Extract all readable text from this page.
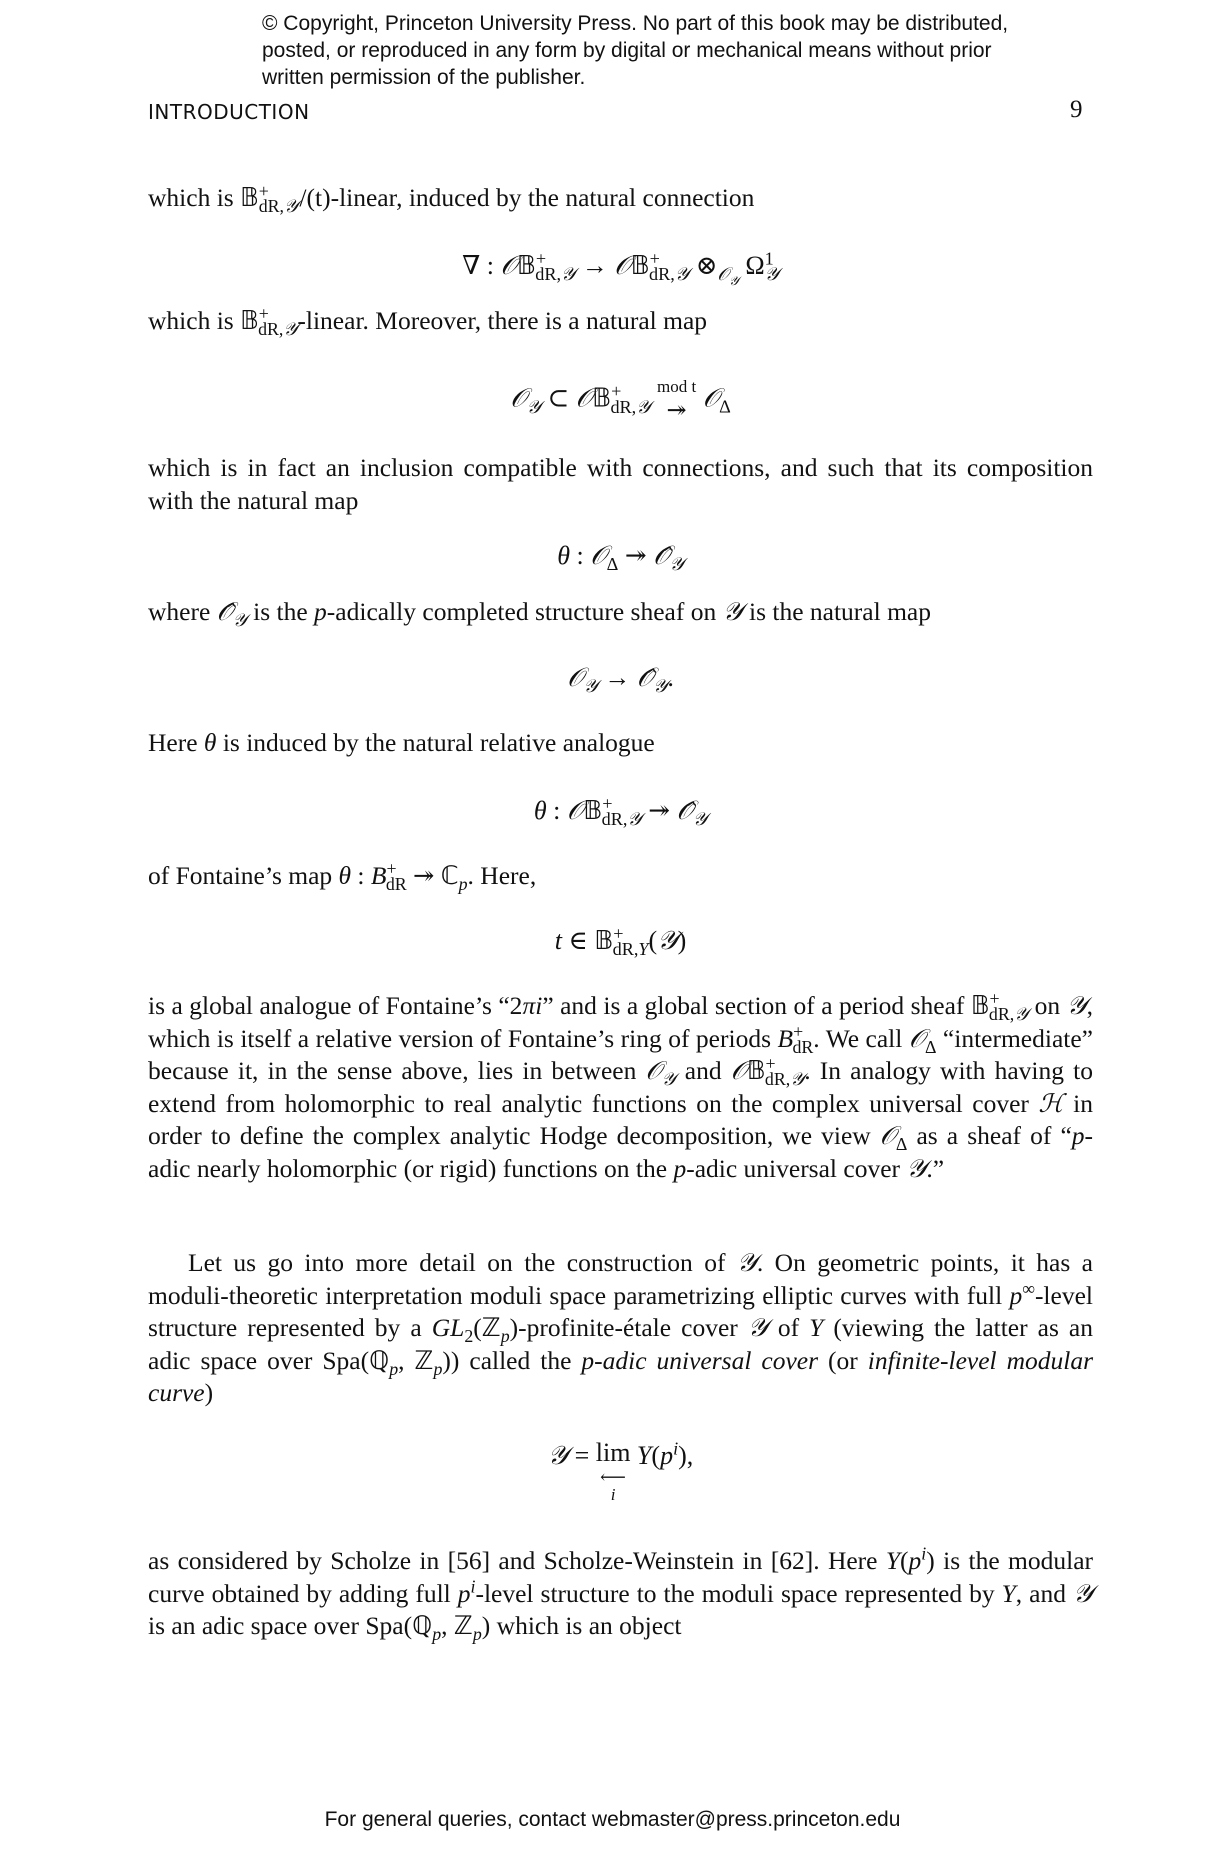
© Copyright, Princeton University Press. No part of this book may be distributed, posted, or reproduced in any form by digital or mechanical means without prior written permission of the publisher.
INTRODUCTION	9
which is 𝔹$_{dR,𝒴}$+ /(t)-linear, induced by the natural connection
∇ : 𝒪𝔹+$_{dR,𝒴}$ → 𝒪𝔹+$_{dR,𝒴}$ $\otimes_{𝒪_𝒴}$ $\Omega^1_𝒴$
which is 𝔹+$_{dR,𝒴}$-linear. Moreover, there is a natural map
𝒪$_𝒴$ ⊂ 𝒪𝔹+$_{dR,𝒴}$
mod t
↠ 𝒪$_\Delta$
which is in fact an inclusion compatible with connections, and such that its composition with the natural map
θ : 𝒪$_\Delta$ ↠ $𝒪̂_𝒴$
where $𝒪̂_𝒴$ is the p-adically completed structure sheaf on 𝒴 is the natural map
𝒪$_𝒴$ → $𝒪̂_𝒴$.
Here θ is induced by the natural relative analogue
θ : 𝒪𝔹+$_{dR,𝒴}$ ↠ $𝒪̂_𝒴$
of Fontaine’s map θ : $B^+_{dR}$ ↠ ℂ$_p$. Here,
t ∈ 𝔹+$_{dR,Y}$(𝒴)
is a global analogue of Fontaine’s “2πi” and is a global section of a period sheaf 𝔹+$_{dR,𝒴}$ on 𝒴, which is itself a relative version of Fontaine’s ring of periods $B^+_{dR}$. We call 𝒪$_\Delta$ “intermediate” because it, in the sense above, lies in between 𝒪$_𝒴$ and 𝒪𝔹+$_{dR,𝒴}$. In analogy with having to extend from holomorphic to real analytic functions on the complex universal cover ℋ in order to define the complex analytic Hodge decomposition, we view 𝒪$_\Delta$ as a sheaf of “p-adic nearly holomorphic (or rigid) functions on the p-adic universal cover 𝒴.”
Let us go into more detail on the construction of 𝒴. On geometric points, it has a moduli-theoretic interpretation moduli space parametrizing elliptic curves with full p∞-level structure represented by a $GL_2(ℤ_p)-profinite$-étale cover 𝒴 of Y (viewing the latter as an adic space over Spa(ℚ$_p$, ℤ$_p$)) called the p-adic universal cover (or infinite-level modular curve)
𝒴 = lim
⟵
i
$Y(p^i)$,
as considered by Scholze in [56] and Scholze-Weinstein in [62]. Here $Y(p^i)$ is the modular curve obtained by adding full $p^i$-level structure to the moduli space represented by Y, and 𝒴 is an adic space over Spa(ℚ$_p$, ℤ$_p$) which is an object
For general queries, contact webmaster@press.princeton.edu
